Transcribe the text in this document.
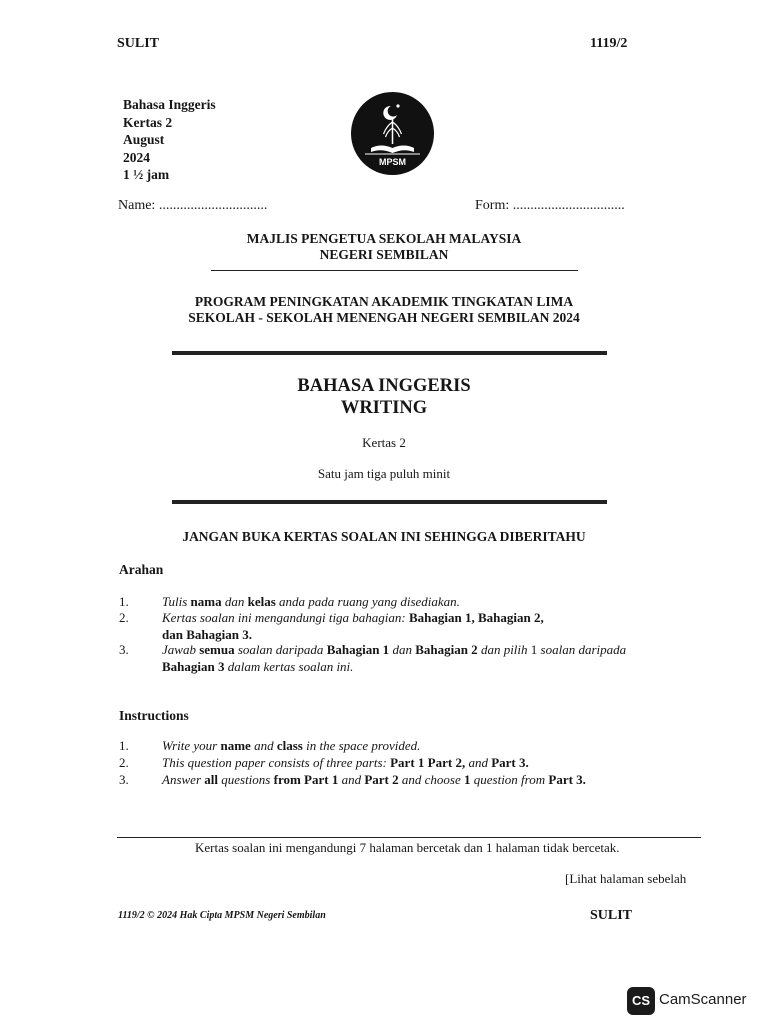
SULIT	1119/2
Bahasa Inggeris
Kertas 2
August
2024
1 ½ jam
MPSM
Name: ...............................	Form: ................................
MAJLIS PENGETUA SEKOLAH MALAYSIA
NEGERI SEMBILAN
PROGRAM PENINGKATAN AKADEMIK TINGKATAN LIMA
SEKOLAH - SEKOLAH MENENGAH NEGERI SEMBILAN 2024
BAHASA INGGERIS
WRITING
Kertas 2
Satu jam tiga puluh minit
JANGAN BUKA KERTAS SOALAN INI SEHINGGA DIBERITAHU
Arahan
1.	Tulis nama dan kelas anda pada ruang yang disediakan.
2.	Kertas soalan ini mengandungi tiga bahagian: Bahagian 1, Bahagian 2,
dan Bahagian 3.
3.	Jawab semua soalan daripada Bahagian 1 dan Bahagian 2 dan pilih 1 soalan daripada
Bahagian 3 dalam kertas soalan ini.
Instructions
1.	Write your name and class in the space provided.
2.	This question paper consists of three parts: Part 1 Part 2, and Part 3.
3.	Answer all questions from Part 1 and Part 2 and choose 1 question from Part 3.
Kertas soalan ini mengandungi 7 halaman bercetak dan 1 halaman tidak bercetak.
[Lihat halaman sebelah
1119/2 © 2024 Hak Cipta MPSM Negeri Sembilan	SULIT
CS CamScanner
